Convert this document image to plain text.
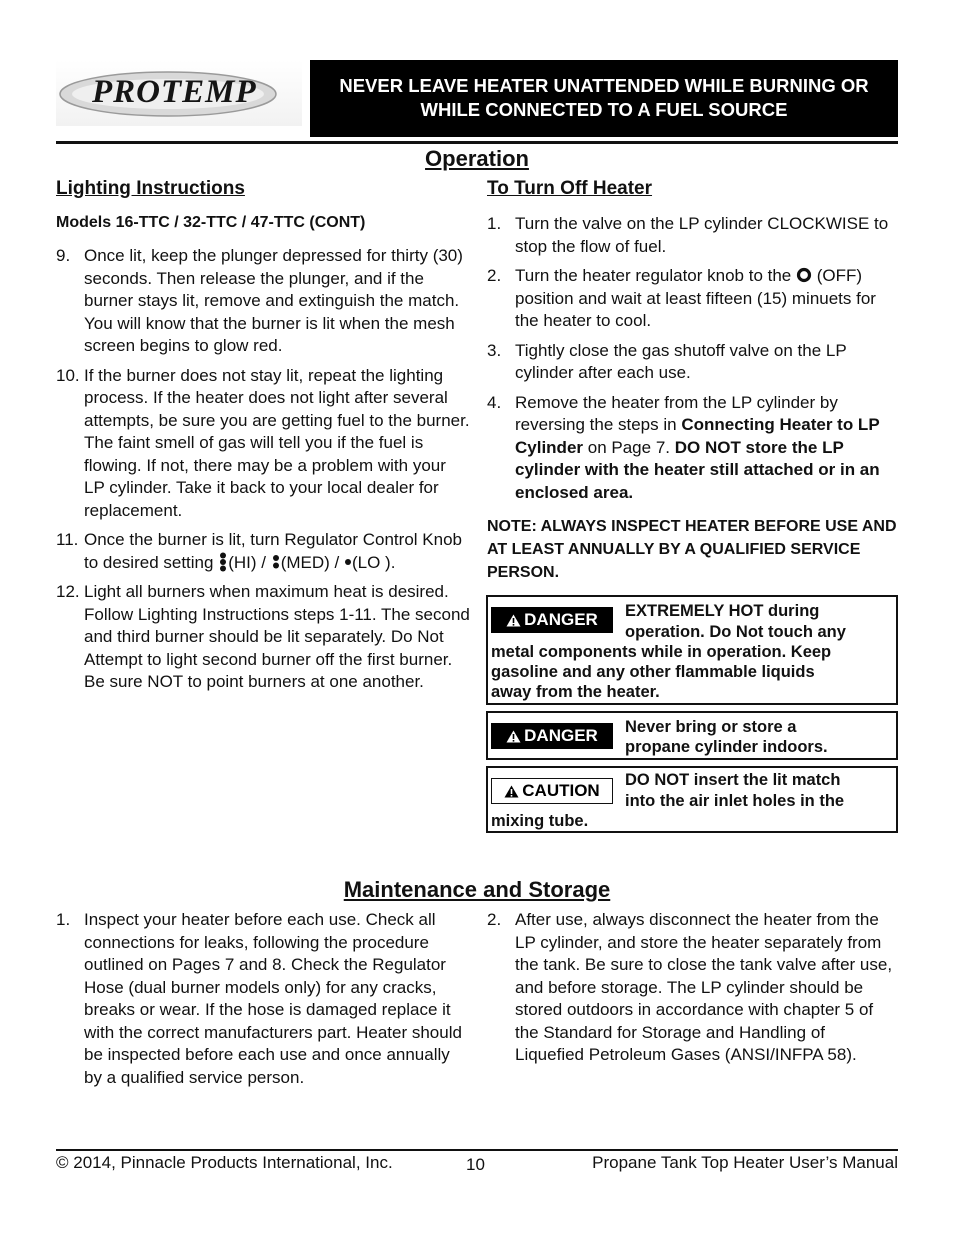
PROTEMP	NEVER LEAVE HEATER UNATTENDED WHILE BURNING OR
WHILE CONNECTED TO A FUEL SOURCE
Operation
Lighting Instructions
Models 16-TTC / 32-TTC / 47-TTC (CONT)
9. Once lit, keep the plunger depressed for thirty (30) seconds. Then release the plunger, and if the burner stays lit, remove and extinguish the match. You will know that the burner is lit when the mesh screen begins to glow red.
10. If the burner does not stay lit, repeat the lighting process. If the heater does not light after several attempts, be sure you are getting fuel to the burner. The faint smell of gas will tell you if the fuel is flowing. If not, there may be a problem with your LP cylinder. Take it back to your local dealer for replacement.
11. Once the burner is lit, turn Regulator Control Knob to desired setting (HI) / (MED) / (LO ).
12. Light all burners when maximum heat is desired. Follow Lighting Instructions steps 1-11. The second and third burner should be lit separately. Do Not Attempt to light second burner off the first burner. Be sure NOT to point burners at one another.
To Turn Off Heater
1. Turn the valve on the LP cylinder CLOCKWISE to stop the flow of fuel.
2. Turn the heater regulator knob to the  (OFF) position and wait at least fifteen (15) minuets for the heater to cool.
3. Tightly close the gas shutoff valve on the LP cylinder after each use.
4. Remove the heater from the LP cylinder by reversing the steps in Connecting Heater to LP Cylinder on Page 7. DO NOT store the LP cylinder with the heater still attached or in an enclosed area.
NOTE: ALWAYS INSPECT HEATER BEFORE USE AND AT LEAST ANNUALLY BY A QUALIFIED SERVICE PERSON.
DANGER EXTREMELY HOT during
operation. Do Not touch any
metal components while in operation. Keep
gasoline and any other flammable liquids
away from the heater.
DANGER Never bring or store a
propane cylinder indoors.
CAUTION
DO NOT insert the lit match
into the air inlet holes in the
mixing tube.
Maintenance and Storage
1. Inspect your heater before each use. Check all connections for leaks, following the procedure outlined on Pages 7 and 8. Check the Regulator Hose (dual burner models only) for any cracks, breaks or wear. If the hose is damaged replace it with the correct manufacturers part. Heater should be inspected before each use and once annually by a qualified service person.
2. After use, always disconnect the heater from the LP cylinder, and store the heater separately from the tank. Be sure to close the tank valve after use, and before storage. The LP cylinder should be stored outdoors in accordance with chapter 5 of the Standard for Storage and Handling of Liquefied Petroleum Gases (ANSI/INFPA 58).
© 2014, Pinnacle Products International, Inc.	10	Propane Tank Top Heater User’s Manual
